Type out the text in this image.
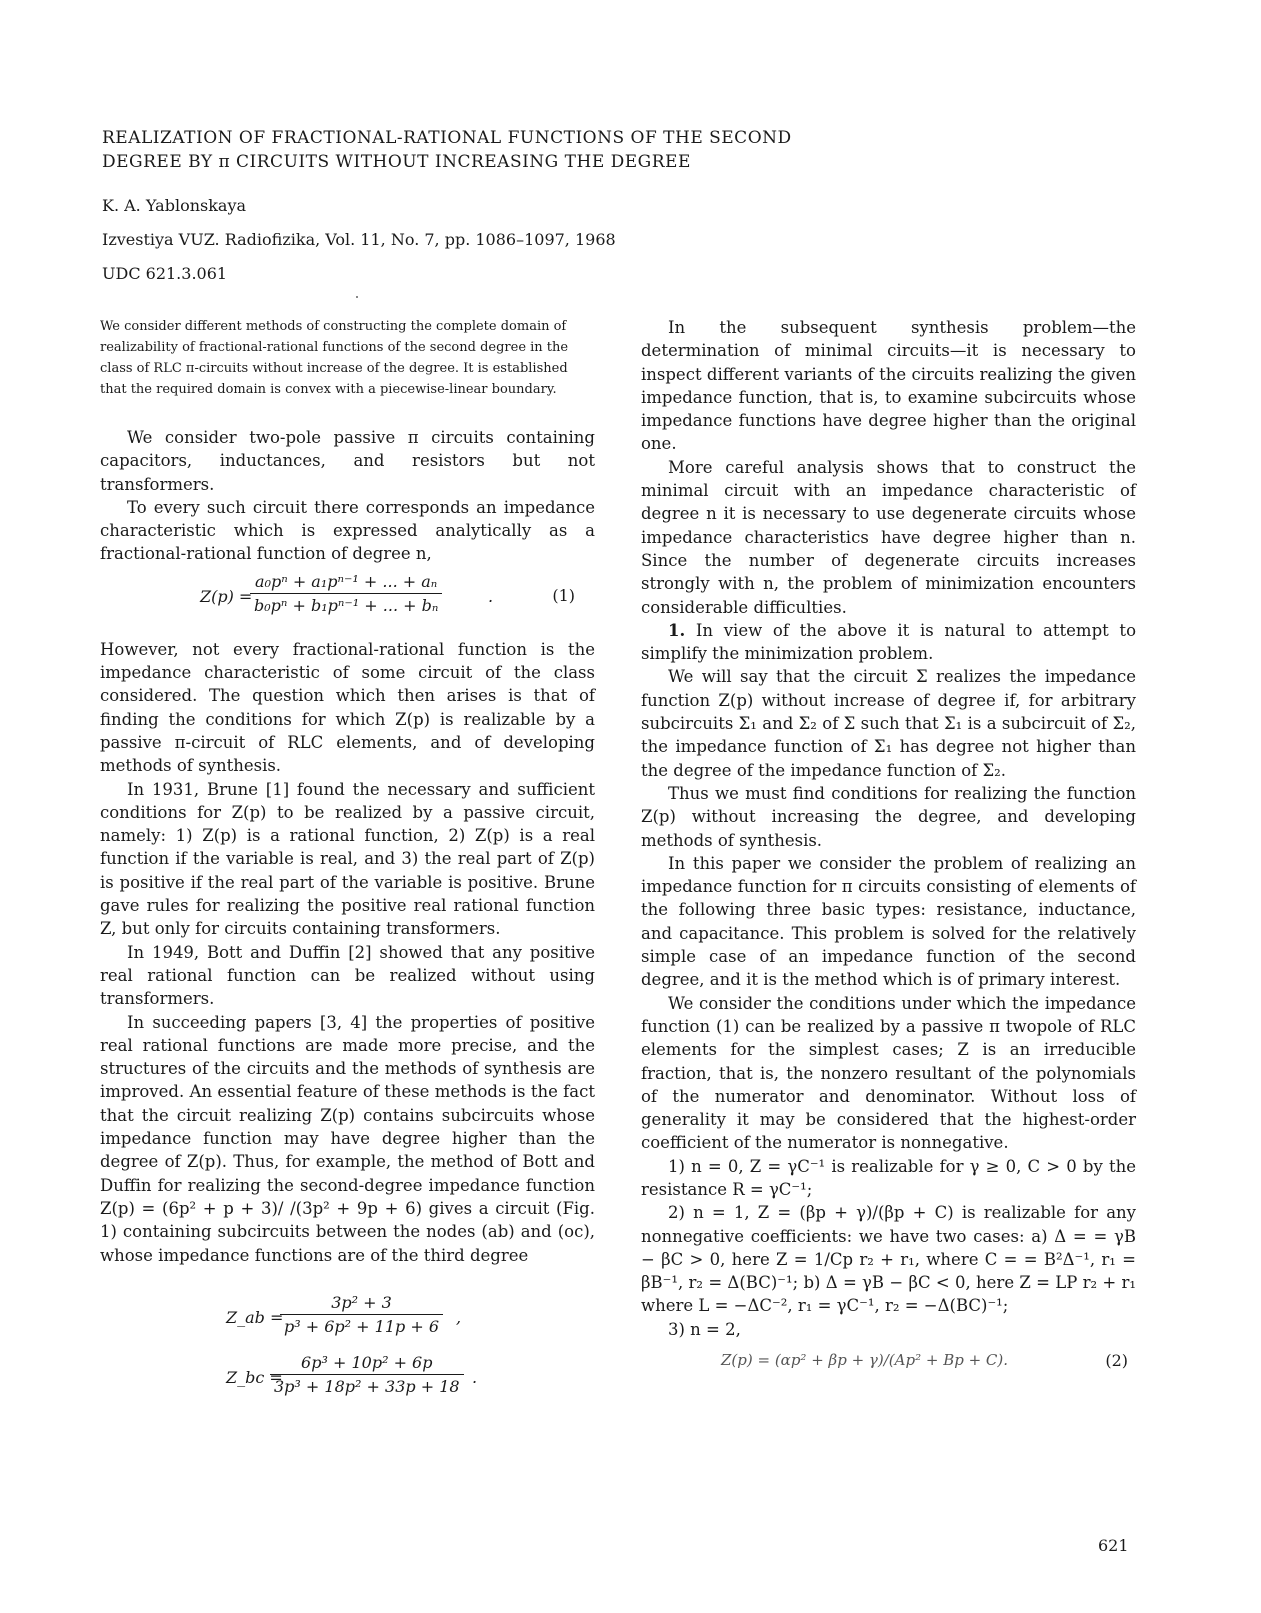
REALIZATION OF FRACTIONAL-RATIONAL FUNCTIONS OF THE SECOND
DEGREE BY π CIRCUITS WITHOUT INCREASING THE DEGREE
K. A. Yablonskaya
Izvestiya VUZ. Radiofizika, Vol. 11, No. 7, pp. 1086–1097, 1968
UDC 621.3.061

We consider different methods of constructing the complete domain of realizability of fractional-rational functions of the second degree in the class of RLC π-circuits without increase of the degree. It is established that the required domain is convex with a piecewise-linear boundary.

We consider two-pole passive π circuits containing capacitors, inductances, and resistors but not transformers.

To every such circuit there corresponds an impedance characteristic which is expressed analytically as a fractional-rational function of degree n,

Z(p) =
$\frac{\text{a₀pⁿ + a₁pⁿ⁻¹ + ... + aₙ}}{\text{b₀pⁿ + b₁pⁿ⁻¹ + ... + bₙ}}$	.	(1)

However, not every fractional-rational function is the impedance characteristic of some circuit of the class considered. The question which then arises is that of finding the conditions for which Z(p) is realizable by a passive π-circuit of RLC elements, and of developing methods of synthesis.

In 1931, Brune [1] found the necessary and sufficient conditions for Z(p) to be realized by a passive circuit, namely: 1) Z(p) is a rational function, 2) Z(p) is a real function if the variable is real, and 3) the real part of Z(p) is positive if the real part of the variable is positive. Brune gave rules for realizing the positive real rational function Z, but only for circuits containing transformers.

In 1949, Bott and Duffin [2] showed that any positive real rational function can be realized without using transformers.

In succeeding papers [3, 4] the properties of positive real rational functions are made more precise, and the structures of the circuits and the methods of synthesis are improved. An essential feature of these methods is the fact that the circuit realizing Z(p) contains subcircuits whose impedance function may have degree higher than the degree of Z(p). Thus, for example, the method of Bott and Duffin for realizing the second-degree impedance function Z(p) = (6p² + p + 3)/ /(3p² + 9p + 6) gives a circuit (Fig. 1) containing subcircuits between the nodes (ab) and (oc), whose impedance functions are of the third degree

Z_ab =
$\frac{\text{3p² + 3}}{\text{p³ + 6p² + 11p + 6}}$ ,
Z_bc =
$\frac{\text{6p³ + 10p² + 6p}}{\text{3p³ + 18p² + 33p + 18}}$ .

In the subsequent synthesis problem—the determination of minimal circuits—it is necessary to inspect different variants of the circuits realizing the given impedance function, that is, to examine subcircuits whose impedance functions have degree higher than the original one.

More careful analysis shows that to construct the minimal circuit with an impedance characteristic of degree n it is necessary to use degenerate circuits whose impedance characteristics have degree higher than n. Since the number of degenerate circuits increases strongly with n, the problem of minimization encounters considerable difficulties.

1. In view of the above it is natural to attempt to simplify the minimization problem.

We will say that the circuit Σ realizes the impedance function Z(p) without increase of degree if, for arbitrary subcircuits Σ₁ and Σ₂ of Σ such that Σ₁ is a subcircuit of Σ₂, the impedance function of Σ₁ has degree not higher than the degree of the impedance function of Σ₂.

Thus we must find conditions for realizing the function Z(p) without increasing the degree, and developing methods of synthesis.

In this paper we consider the problem of realizing an impedance function for π circuits consisting of elements of the following three basic types: resistance, inductance, and capacitance. This problem is solved for the relatively simple case of an impedance function of the second degree, and it is the method which is of primary interest.

We consider the conditions under which the impedance function (1) can be realized by a passive π twopole of RLC elements for the simplest cases; Z is an irreducible fraction, that is, the nonzero resultant of the polynomials of the numerator and denominator. Without loss of generality it may be considered that the highest-order coefficient of the numerator is nonnegative.

1) n = 0, Z = γC⁻¹ is realizable for γ ≥ 0, C > 0 by the resistance R = γC⁻¹;

2) n = 1, Z = (βp + γ)/(βp + C) is realizable for any nonnegative coefficients: we have two cases: a) Δ = = γB − βC > 0, here Z = 1/Cp r₂ + r₁, where C = = B²Δ⁻¹, r₁ = βB⁻¹, r₂ = Δ(BC)⁻¹; b) Δ = γB − βC < 0, here Z = LP r₂ + r₁ where L = −ΔC⁻², r₁ = γC⁻¹, r₂ = −Δ(BC)⁻¹;

3) n = 2,

Z(p) = (αp² + βp + γ)/(Ap² + Bp + C).	(2)
621
